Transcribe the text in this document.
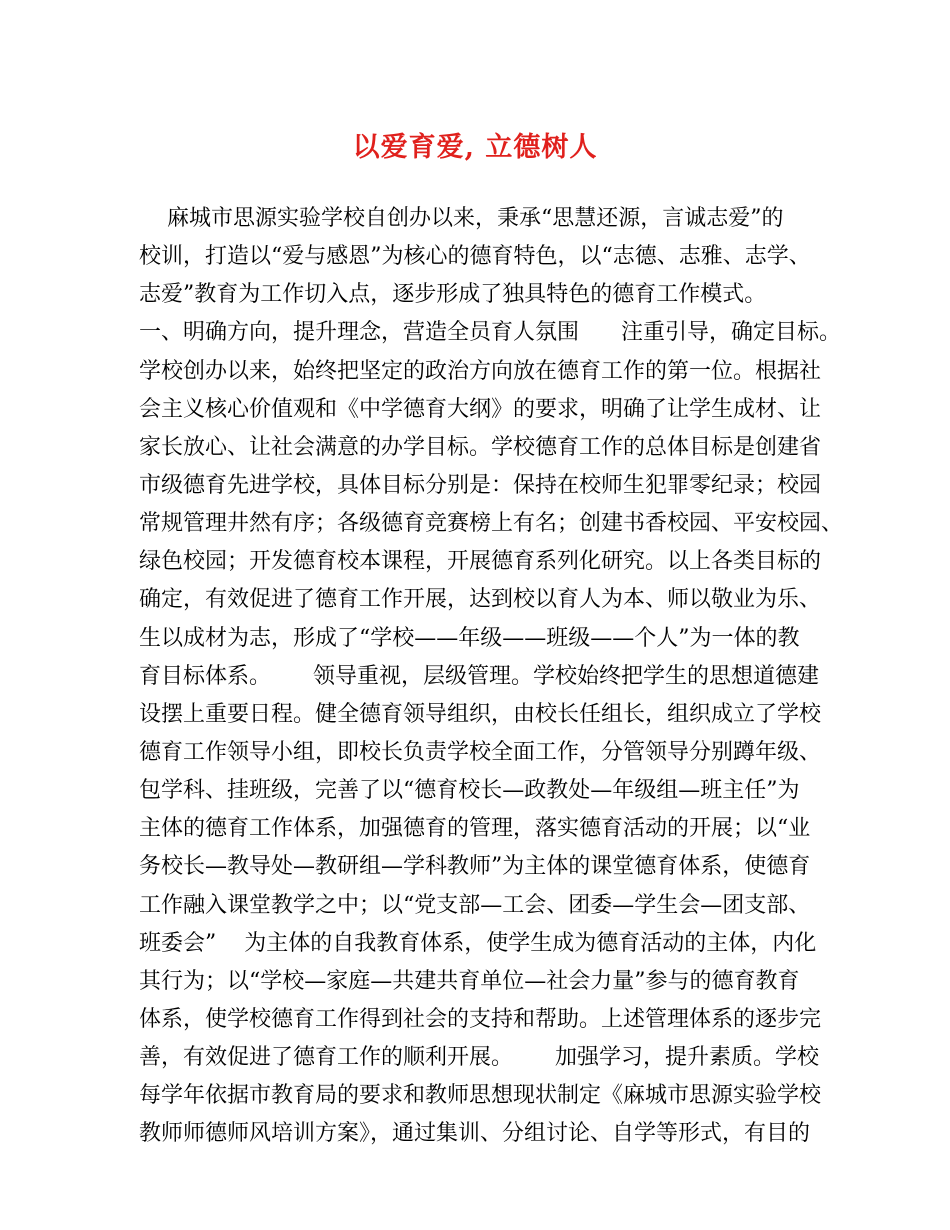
以爱育爱, 立德树人
麻城市思源实验学校自创办以来，秉承“思慧还源，言诚志爱”的
校训，打造以“爱与感恩”为核心的德育特色，以“志德、志雅、志学、
志爱”教育为工作切入点，逐步形成了独具特色的德育工作模式。
一、明确方向，提升理念，营造全员育人氛围      注重引导，确定目标。
学校创办以来，始终把坚定的政治方向放在德育工作的第一位。根据社
会主义核心价值观和《中学德育大纲》的要求，明确了让学生成材、让
家长放心、让社会满意的办学目标。学校德育工作的总体目标是创建省
市级德育先进学校，具体目标分别是：保持在校师生犯罪零纪录；校园
常规管理井然有序；各级德育竞赛榜上有名；创建书香校园、平安校园、
绿色校园；开发德育校本课程，开展德育系列化研究。以上各类目标的
确定，有效促进了德育工作开展，达到校以育人为本、师以敬业为乐、
生以成材为志，形成了“学校——年级——班级——个人”为一体的教
育目标体系。      领导重视，层级管理。学校始终把学生的思想道德建
设摆上重要日程。健全德育领导组织，由校长任组长，组织成立了学校
德育工作领导小组，即校长负责学校全面工作，分管领导分别蹲年级、
包学科、挂班级，完善了以“德育校长—政教处—年级组—班主任”为
主体的德育工作体系，加强德育的管理，落实德育活动的开展；以“业
务校长—教导处—教研组—学科教师”为主体的课堂德育体系，使德育
工作融入课堂教学之中；以“党支部—工会、团委—学生会—团支部、
班委会”    为主体的自我教育体系，使学生成为德育活动的主体，内化
其行为；以“学校—家庭—共建共育单位—社会力量”参与的德育教育
体系，使学校德育工作得到社会的支持和帮助。上述管理体系的逐步完
善，有效促进了德育工作的顺利开展。      加强学习，提升素质。学校
每学年依据市教育局的要求和教师思想现状制定《麻城市思源实验学校
教师师德师风培训方案》，通过集训、分组讨论、自学等形式，有目的
